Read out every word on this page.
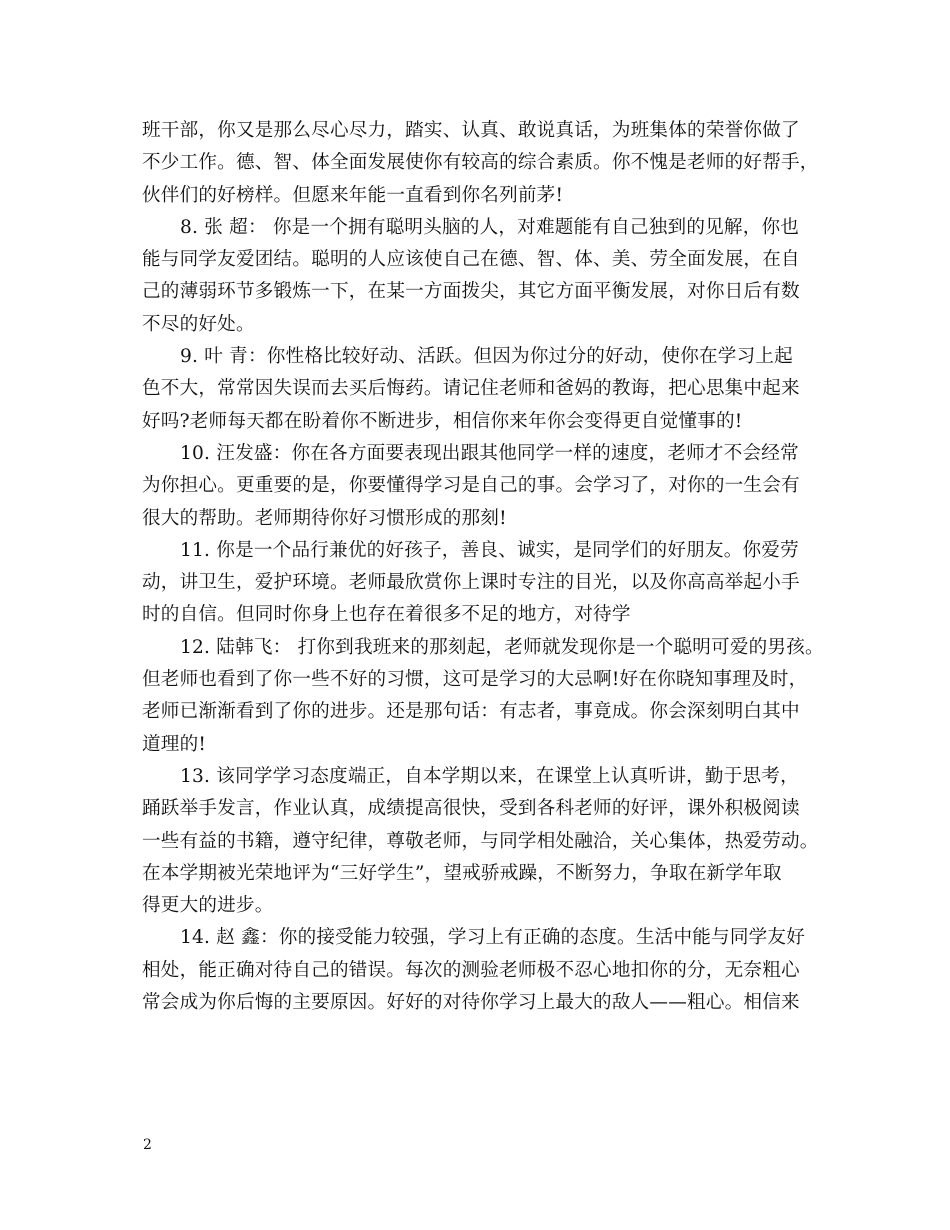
班干部，你又是那么尽心尽力，踏实、认真、敢说真话，为班集体的荣誉你做了
不少工作。德、智、体全面发展使你有较高的综合素质。你不愧是老师的好帮手，
伙伴们的好榜样。但愿来年能一直看到你名列前茅!
8. 张 超： 你是一个拥有聪明头脑的人，对难题能有自己独到的见解，你也
能与同学友爱团结。聪明的人应该使自己在德、智、体、美、劳全面发展，在自
己的薄弱环节多锻炼一下，在某一方面拨尖，其它方面平衡发展，对你日后有数
不尽的好处。
9. 叶 青：你性格比较好动、活跃。但因为你过分的好动，使你在学习上起
色不大，常常因失误而去买后悔药。请记住老师和爸妈的教诲，把心思集中起来
好吗?老师每天都在盼着你不断进步，相信你来年你会变得更自觉懂事的!
10. 汪发盛：你在各方面要表现出跟其他同学一样的速度，老师才不会经常
为你担心。更重要的是，你要懂得学习是自己的事。会学习了，对你的一生会有
很大的帮助。老师期待你好习惯形成的那刻!
11. 你是一个品行兼优的好孩子，善良、诚实，是同学们的好朋友。你爱劳
动，讲卫生，爱护环境。老师最欣赏你上课时专注的目光，以及你高高举起小手
时的自信。但同时你身上也存在着很多不足的地方，对待学
12. 陆韩飞： 打你到我班来的那刻起，老师就发现你是一个聪明可爱的男孩。
但老师也看到了你一些不好的习惯，这可是学习的大忌啊!好在你晓知事理及时，
老师已渐渐看到了你的进步。还是那句话：有志者，事竟成。你会深刻明白其中
道理的!
13. 该同学学习态度端正，自本学期以来，在课堂上认真听讲，勤于思考，
踊跃举手发言，作业认真，成绩提高很快，受到各科老师的好评，课外积极阅读
一些有益的书籍，遵守纪律，尊敬老师，与同学相处融洽，关心集体，热爱劳动。
在本学期被光荣地评为“三好学生”，望戒骄戒躁，不断努力，争取在新学年取
得更大的进步。
14. 赵 鑫：你的接受能力较强，学习上有正确的态度。生活中能与同学友好
相处，能正确对待自己的错误。每次的测验老师极不忍心地扣你的分，无奈粗心
常会成为你后悔的主要原因。好好的对待你学习上最大的敌人——粗心。相信来
2
